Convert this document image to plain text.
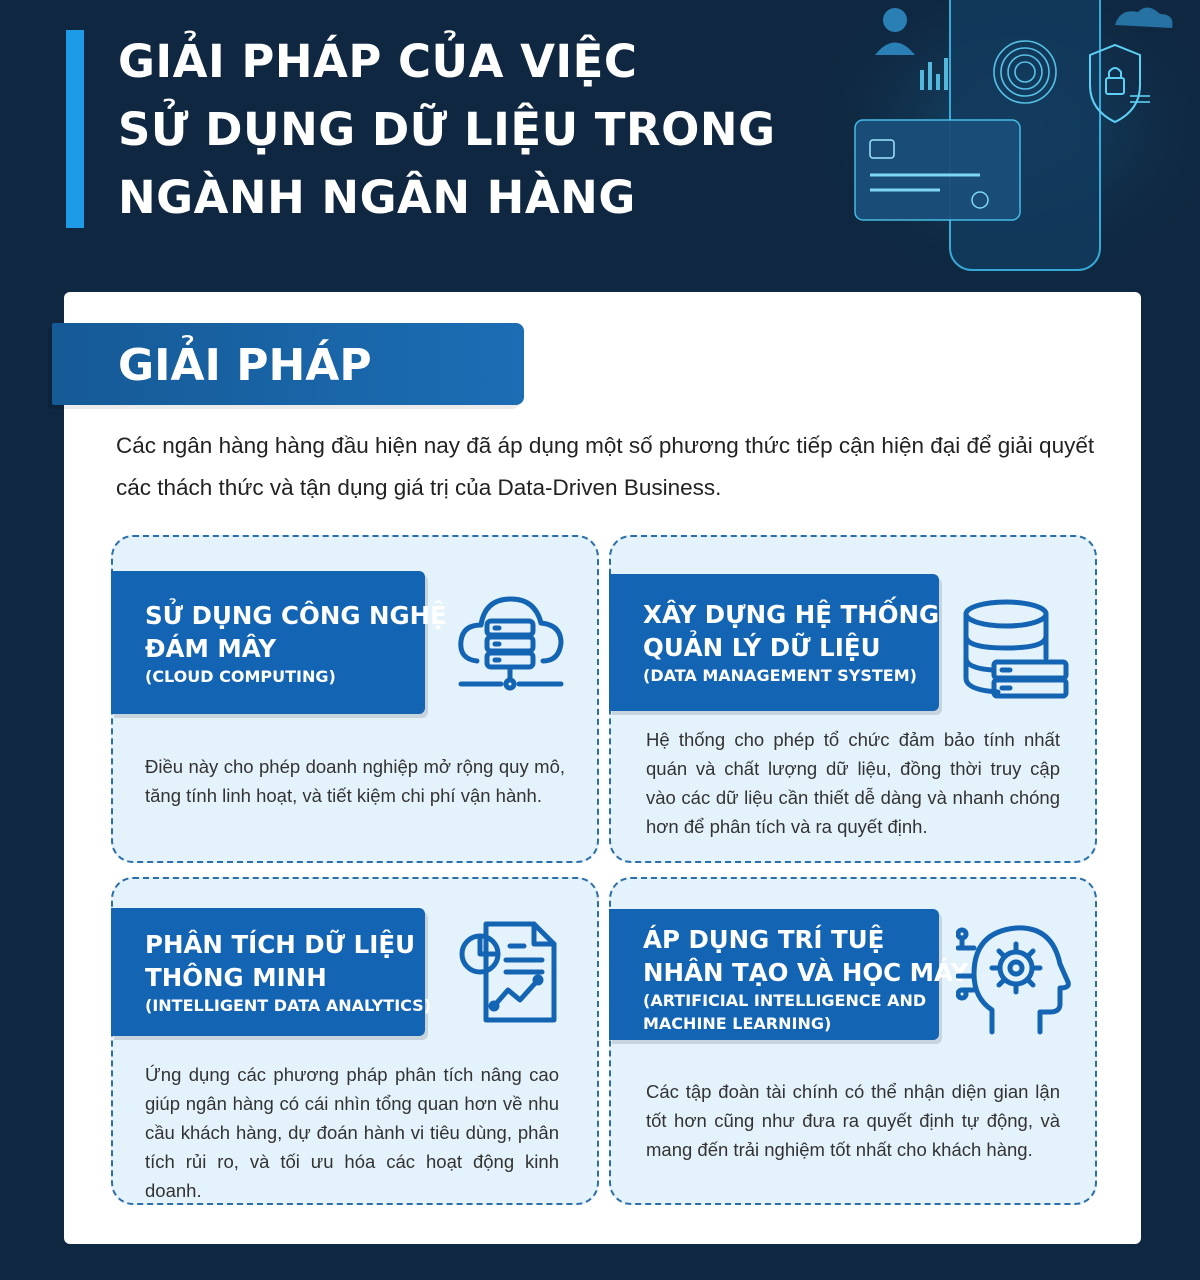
GIẢI PHÁP CỦA VIỆC
SỬ DỤNG DỮ LIỆU TRONG
NGÀNH NGÂN HÀNG
GIẢI PHÁP

Các ngân hàng hàng đầu hiện nay đã áp dụng một số phương thức tiếp cận hiện đại để giải quyết các thách thức và tận dụng giá trị của Data-Driven Business.

SỬ DỤNG CÔNG NGHỆ
ĐÁM MÂY
(CLOUD COMPUTING)

Điều này cho phép doanh nghiệp mở rộng quy mô, tăng tính linh hoạt, và tiết kiệm chi phí vận hành.

XÂY DỰNG HỆ THỐNG
QUẢN LÝ DỮ LIỆU
(DATA MANAGEMENT SYSTEM)

Hệ thống cho phép tổ chức đảm bảo tính nhất quán và chất lượng dữ liệu, đồng thời truy cập vào các dữ liệu cần thiết dễ dàng và nhanh chóng hơn để phân tích và ra quyết định.

PHÂN TÍCH DỮ LIỆU
THÔNG MINH
(INTELLIGENT DATA ANALYTICS)

Ứng dụng các phương pháp phân tích nâng cao giúp ngân hàng có cái nhìn tổng quan hơn về nhu cầu khách hàng, dự đoán hành vi tiêu dùng, phân tích rủi ro, và tối ưu hóa các hoạt động kinh doanh.

ÁP DỤNG TRÍ TUỆ
NHÂN TẠO VÀ HỌC MÁY
(ARTIFICIAL INTELLIGENCE AND
MACHINE LEARNING)

Các tập đoàn tài chính có thể nhận diện gian lận tốt hơn cũng như đưa ra quyết định tự động, và mang đến trải nghiệm tốt nhất cho khách hàng.
